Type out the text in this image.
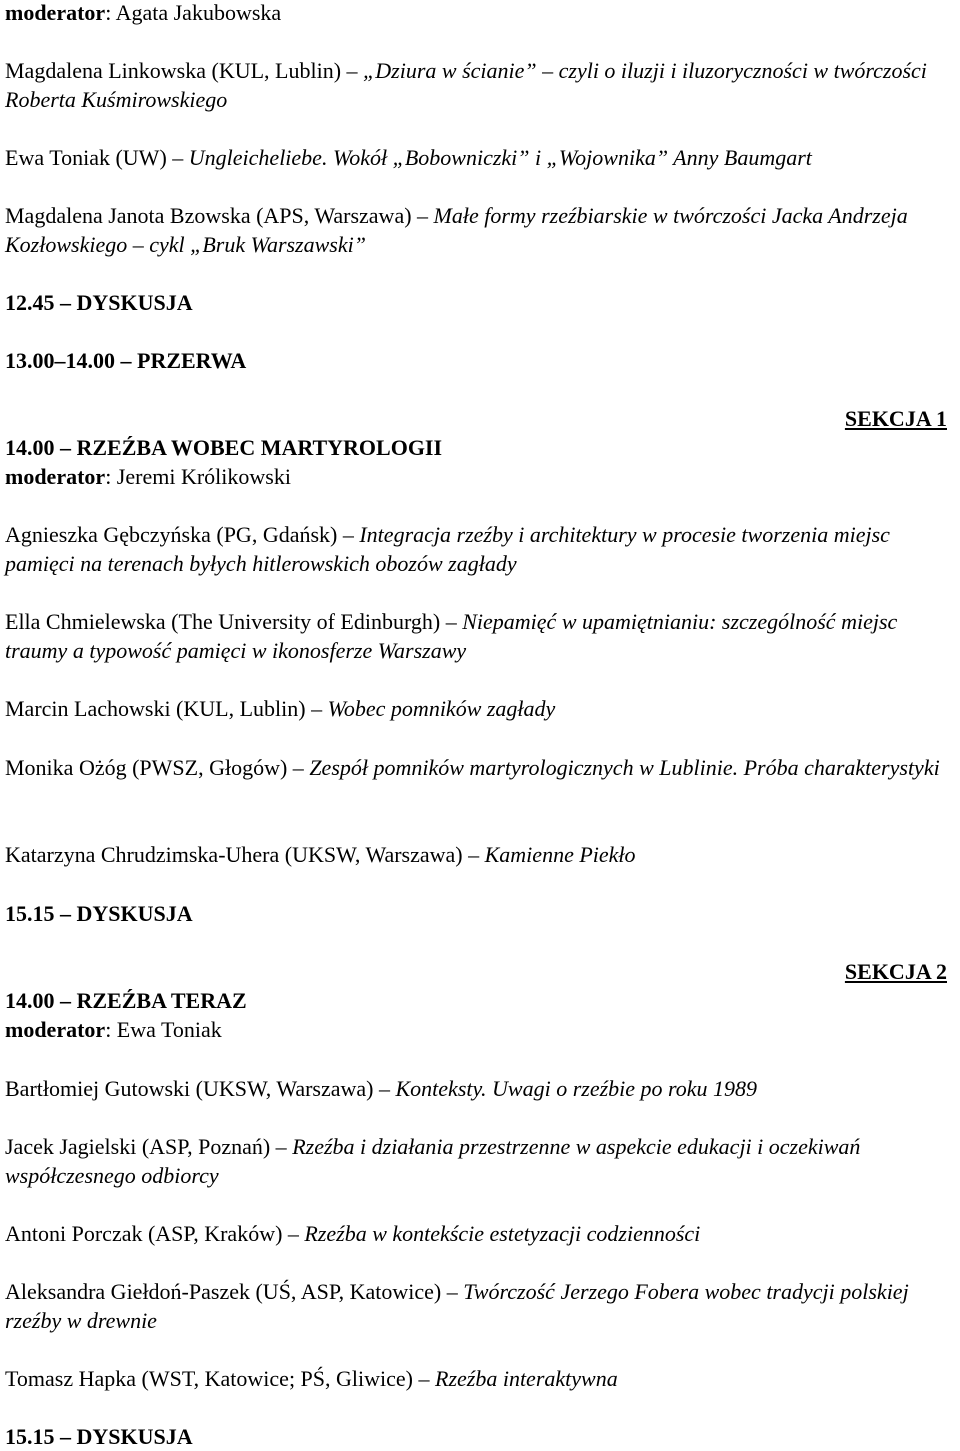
moderator: Agata Jakubowska

Magdalena Linkowska (KUL, Lublin) – „Dziura w ścianie” – czyli o iluzji i iluzoryczności w twórczości Roberta Kuśmirowskiego

Ewa Toniak (UW) – Ungleicheliebe. Wokół „Bobowniczki” i „Wojownika” Anny Baumgart

Magdalena Janota Bzowska (APS, Warszawa) – Małe formy rzeźbiarskie w twórczości Jacka Andrzeja Kozłowskiego – cykl „Bruk Warszawski”

12.45 – DYSKUSJA

13.00–14.00 – PRZERWA

SEKCJA 1

14.00 – RZEŹBA WOBEC MARTYROLOGII

moderator: Jeremi Królikowski

Agnieszka Gębczyńska (PG, Gdańsk) – Integracja rzeźby i architektury w procesie tworzenia miejsc pamięci na terenach byłych hitlerowskich obozów zagłady

Ella Chmielewska (The University of Edinburgh) – Niepamięć w upamiętnianiu: szczególność miejsc traumy a typowość pamięci w ikonosferze Warszawy

Marcin Lachowski (KUL, Lublin) – Wobec pomników zagłady

Monika Ożóg (PWSZ, Głogów) – Zespół pomników martyrologicznych w Lublinie. Próba charakterystyki

Katarzyna Chrudzimska-Uhera (UKSW, Warszawa) – Kamienne Piekło

15.15 – DYSKUSJA

SEKCJA 2

14.00 – RZEŹBA TERAZ

moderator: Ewa Toniak

Bartłomiej Gutowski (UKSW, Warszawa) – Konteksty. Uwagi o rzeźbie po roku 1989

Jacek Jagielski (ASP, Poznań) – Rzeźba i działania przestrzenne w aspekcie edukacji i oczekiwań współczesnego odbiorcy

Antoni Porczak (ASP, Kraków) – Rzeźba w kontekście estetyzacji codzienności

Aleksandra Giełdoń-Paszek (UŚ, ASP, Katowice) – Twórczość Jerzego Fobera wobec tradycji polskiej rzeźby w drewnie

Tomasz Hapka (WST, Katowice; PŚ, Gliwice) – Rzeźba interaktywna

15.15 – DYSKUSJA
